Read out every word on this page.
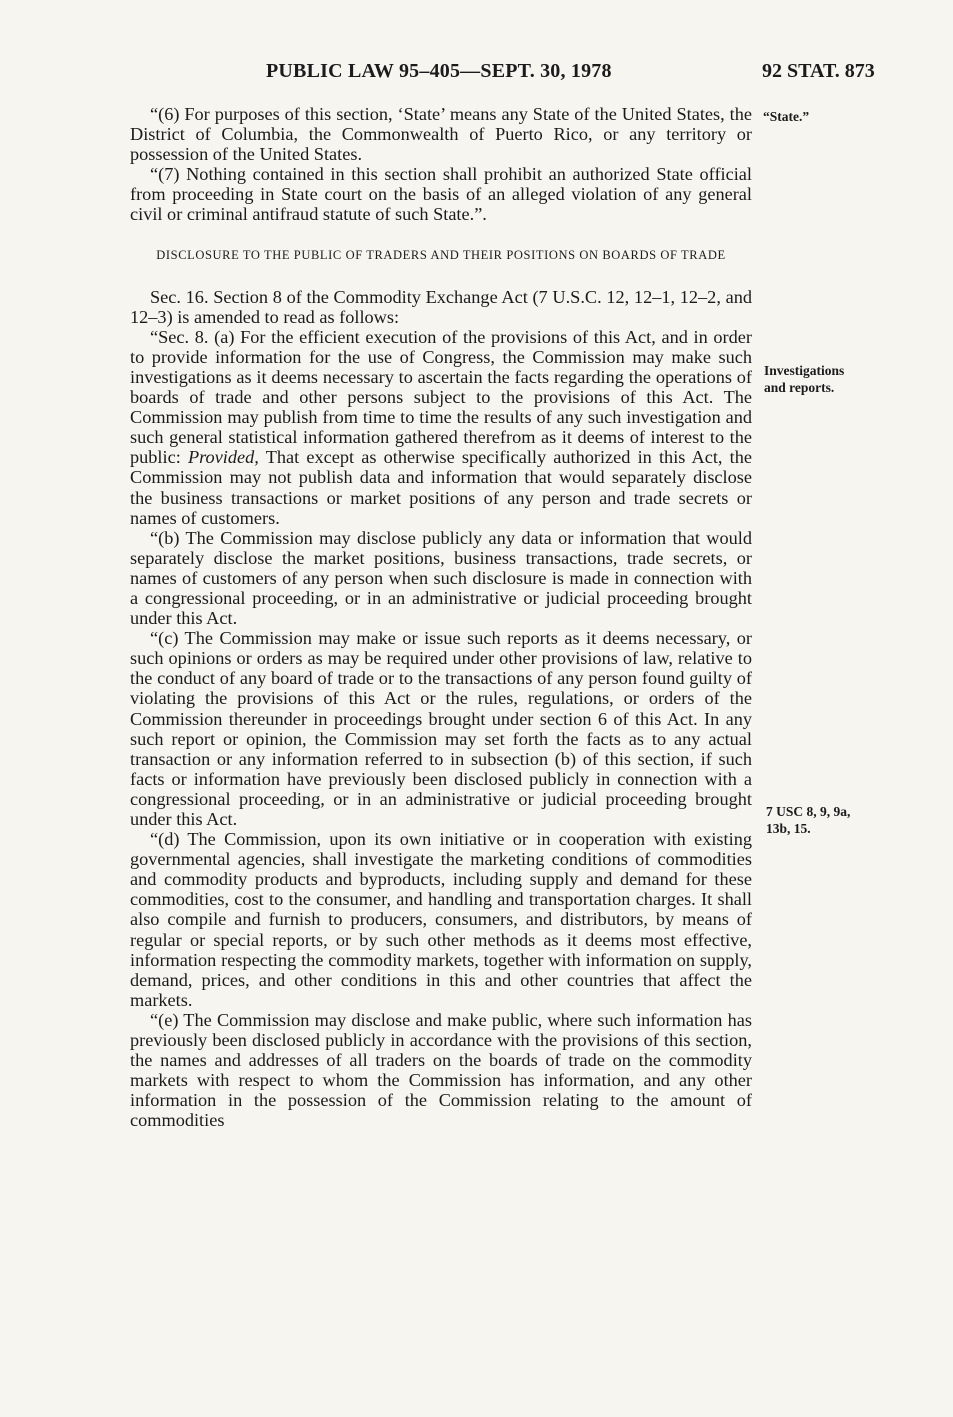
PUBLIC LAW 95–405—SEPT. 30, 1978	92 STAT. 873
“State.”
Investigations
and reports.
7 USC 8, 9, 9a,
13b, 15.

“(6) For purposes of this section, ‘State’ means any State of the United States, the District of Columbia, the Commonwealth of Puerto Rico, or any territory or possession of the United States.

“(7) Nothing contained in this section shall prohibit an authorized State official from proceeding in State court on the basis of an alleged violation of any general civil or criminal antifraud statute of such State.”.

DISCLOSURE TO THE PUBLIC OF TRADERS AND THEIR POSITIONS ON BOARDS OF TRADE

Sec. 16. Section 8 of the Commodity Exchange Act (7 U.S.C. 12, 12–1, 12–2, and 12–3) is amended to read as follows:

“Sec. 8. (a) For the efficient execution of the provisions of this Act, and in order to provide information for the use of Congress, the Commission may make such investigations as it deems necessary to ascertain the facts regarding the operations of boards of trade and other persons subject to the provisions of this Act. The Commission may publish from time to time the results of any such investigation and such general statistical information gathered therefrom as it deems of interest to the public: Provided, That except as otherwise specifically authorized in this Act, the Commission may not publish data and information that would separately disclose the business transactions or market positions of any person and trade secrets or names of customers.

“(b) The Commission may disclose publicly any data or information that would separately disclose the market positions, business transactions, trade secrets, or names of customers of any person when such disclosure is made in connection with a congressional proceeding, or in an administrative or judicial proceeding brought under this Act.

“(c) The Commission may make or issue such reports as it deems necessary, or such opinions or orders as may be required under other provisions of law, relative to the conduct of any board of trade or to the transactions of any person found guilty of violating the provisions of this Act or the rules, regulations, or orders of the Commission thereunder in proceedings brought under section 6 of this Act. In any such report or opinion, the Commission may set forth the facts as to any actual transaction or any information referred to in subsection (b) of this section, if such facts or information have previously been disclosed publicly in connection with a congressional proceeding, or in an administrative or judicial proceeding brought under this Act.

“(d) The Commission, upon its own initiative or in cooperation with existing governmental agencies, shall investigate the marketing conditions of commodities and commodity products and byproducts, including supply and demand for these commodities, cost to the consumer, and handling and transportation charges. It shall also compile and furnish to producers, consumers, and distributors, by means of regular or special reports, or by such other methods as it deems most effective, information respecting the commodity markets, together with information on supply, demand, prices, and other conditions in this and other countries that affect the markets.

“(e) The Commission may disclose and make public, where such information has previously been disclosed publicly in accordance with the provisions of this section, the names and addresses of all traders on the boards of trade on the commodity markets with respect to whom the Commission has information, and any other information in the possession of the Commission relating to the amount of commodities
